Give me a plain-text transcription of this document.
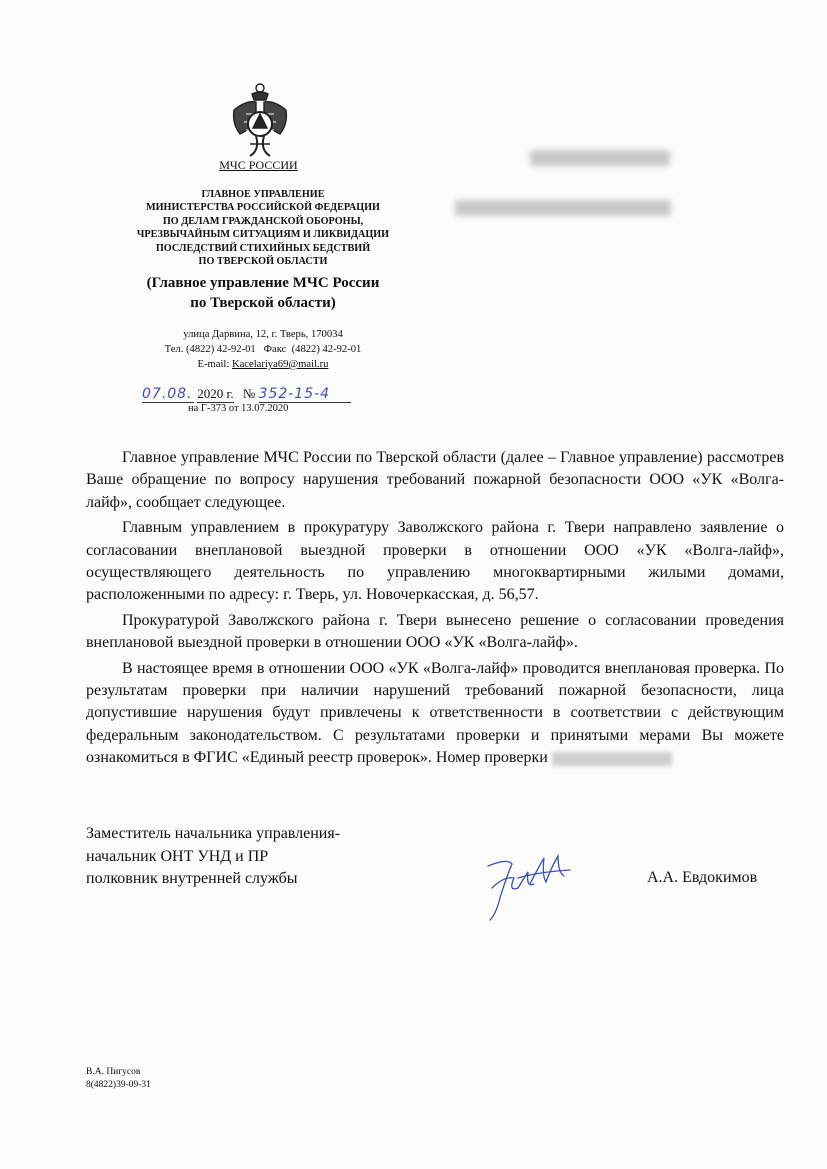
МЧС РОССИИ
ГЛАВНОЕ УПРАВЛЕНИЕ
МИНИСТЕРСТВА РОССИЙСКОЙ ФЕДЕРАЦИИ
ПО ДЕЛАМ ГРАЖДАНСКОЙ ОБОРОНЫ,
ЧРЕЗВЫЧАЙНЫМ СИТУАЦИЯМ И ЛИКВИДАЦИИ
ПОСЛЕДСТВИЙ СТИХИЙНЫХ БЕДСТВИЙ
ПО ТВЕРСКОЙ ОБЛАСТИ
(Главное управление МЧС России
по Тверской области)
улица Дарвина, 12, г. Тверь, 170034
Тел. (4822) 42-92-01   Факс  (4822) 42-92-01
E-mail: Kacelariya69@mail.ru
07.08. 2020 г. № 352-15-4
на Г-373 от 13.07.2020

Главное управление МЧС России по Тверской области (далее – Главное управление) рассмотрев Ваше обращение по вопросу нарушения требований пожарной безопасности ООО «УК «Волга-лайф», сообщает следующее.

Главным управлением в прокуратуру Заволжского района г. Твери направлено заявление о согласовании внеплановой выездной проверки в отношении ООО «УК «Волга-лайф», осуществляющего деятельность по управлению многоквартирными жилыми домами, расположенными по адресу: г. Тверь, ул. Новочеркасская, д. 56,57.

Прокуратурой Заволжского района г. Твери вынесено решение о согласовании проведения внеплановой выездной проверки в отношении ООО «УК «Волга-лайф».

В настоящее время в отношении ООО «УК «Волга-лайф» проводится внеплановая проверка. По результатам проверки при наличии нарушений требований пожарной безопасности, лица допустившие нарушения будут привлечены к ответственности в соответствии с действующим федеральным законодательством. С результатами проверки и принятыми мерами Вы можете ознакомиться в ФГИС «Единый реестр проверок». Номер проверки

Заместитель начальника управления-
начальник ОНТ УНД и ПР
полковник внутренней службы	А.А. Евдокимов
В.А. Пигусов
8(4822)39-09-31
